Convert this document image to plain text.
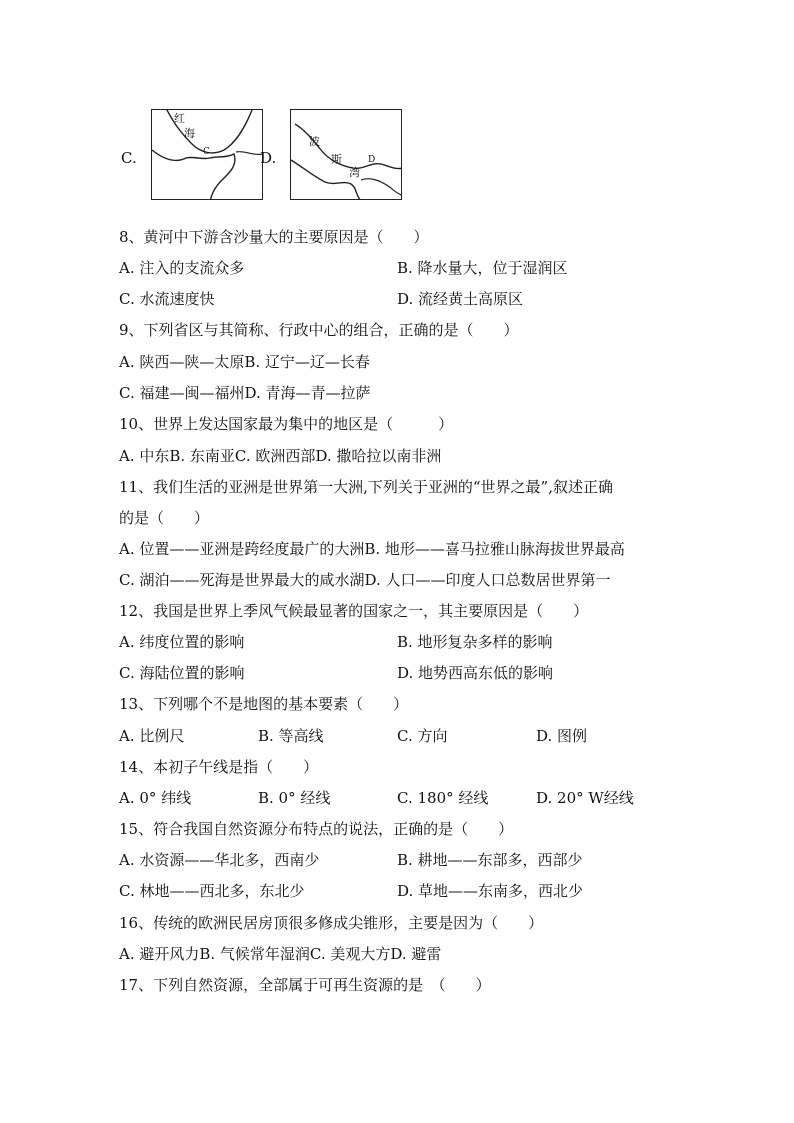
C.
红
海
C	D.
波
斯
湾
D
8、黄河中下游含沙量大的主要原因是（　　）
A. 注入的支流众多	B. 降水量大，位于湿润区
C. 水流速度快	D. 流经黄土高原区
9、下列省区与其简称、行政中心的组合，正确的是（　　）
A. 陕西—陕—太原B. 辽宁—辽—长春
C. 福建—闽—福州D. 青海—青—拉萨
10、世界上发达国家最为集中的地区是（　　　）
A. 中东B. 东南亚C. 欧洲西部D. 撒哈拉以南非洲
11、我们生活的亚洲是世界第一大洲,下列关于亚洲的“世界之最”,叙述正确
的是（　　）
A. 位置——亚洲是跨经度最广的大洲B. 地形——喜马拉雅山脉海拔世界最高
C. 湖泊——死海是世界最大的咸水湖D. 人口——印度人口总数居世界第一
12、我国是世界上季风气候最显著的国家之一，其主要原因是（　　）
A. 纬度位置的影响	B. 地形复杂多样的影响
C. 海陆位置的影响	D. 地势西高东低的影响
13、下列哪个不是地图的基本要素（　　）
A. 比例尺	B. 等高线	C. 方向	D. 图例
14、本初子午线是指（　　）
A. 0° 纬线	B. 0° 经线	C. 180° 经线	D. 20° W经线
15、符合我国自然资源分布特点的说法，正确的是（　　）
A. 水资源——华北多，西南少	B. 耕地——东部多，西部少
C. 林地——西北多，东北少	D. 草地——东南多，西北少
16、传统的欧洲民居房顶很多修成尖锥形，主要是因为（　　）
A. 避开风力B. 气候常年湿润C. 美观大方D. 避雷
17、下列自然资源，全部属于可再生资源的是　（　　）
